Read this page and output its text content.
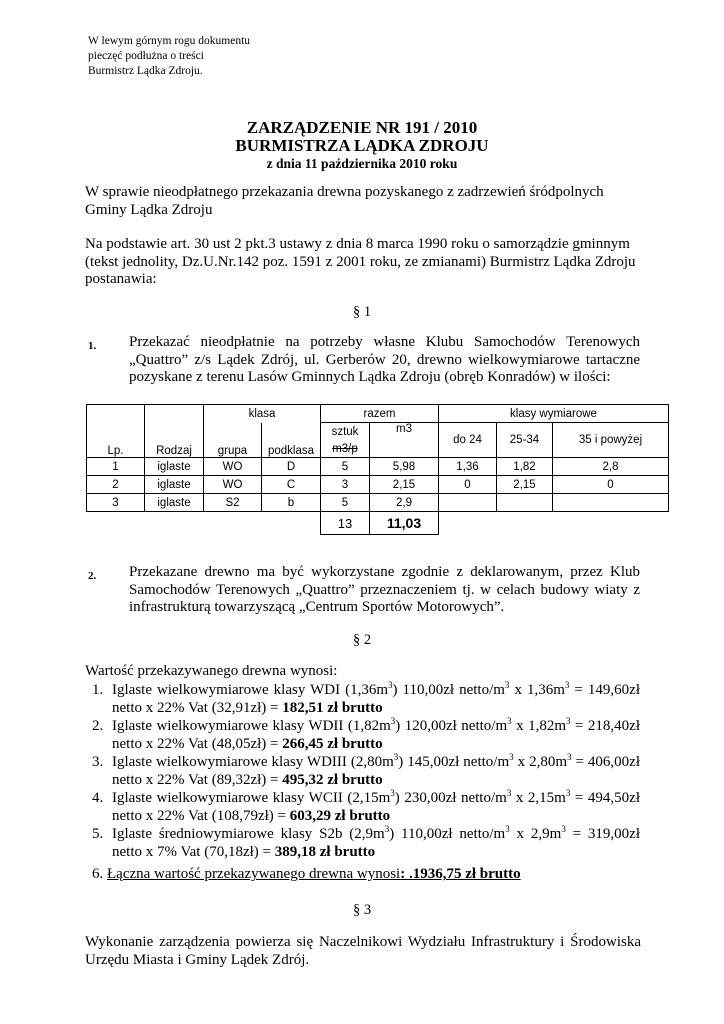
W lewym górnym rogu dokumentu
pieczęć podłużna o treści
Burmistrz Lądka Zdroju.
ZARZĄDZENIE NR 191 / 2010
BURMISTRZA LĄDKA ZDROJU
z dnia 11 października 2010 roku
W sprawie nieodpłatnego przekazania drewna pozyskanego z zadrzewień śródpolnych Gminy Lądka Zdroju
Na podstawie art. 30 ust 2 pkt.3 ustawy z dnia 8 marca 1990 roku o samorządzie gminnym (tekst jednolity, Dz.U.Nr.142 poz. 1591 z 2001 roku, ze zmianami) Burmistrz Lądka Zdroju postanawia:
§ 1
1. Przekazać nieodpłatnie na potrzeby własne Klubu Samochodów Terenowych „Quattro” z/s Lądek Zdrój, ul. Gerberów 20, drewno wielkowymiarowe tartaczne pozyskane z terenu Lasów Gminnych Lądka Zdroju (obręb Konradów) w ilości:
Lp.	Rodzaj	klasa		razem		klasy wymiarowe		
		grupa	podklasa	sztuk	m3	do 24	25-34	35 i powyżej
				m3/p				
1	iglaste	WO	D	5	5,98	1,36	1,82	2,8
2	iglaste	WO	C	3	2,15	0	2,15	0
3	iglaste	S2	b	5	2,9			
				13	11,03			
2. Przekazane drewno ma być wykorzystane zgodnie z deklarowanym, przez Klub Samochodów Terenowych „Quattro” przeznaczeniem tj. w celach budowy wiaty z infrastrukturą towarzyszącą „Centrum Sportów Motorowych”.
§ 2
Wartość przekazywanego drewna wynosi:
1. Iglaste wielkowymiarowe klasy WDI $(1,36m^3)$ 110,00zł netto/$m^3$ x $1,36m^3$ = 149,60zł netto x 22% Vat (32,91zł) = 182,51 zł brutto
2. Iglaste wielkowymiarowe klasy WDII $(1,82m^3)$ 120,00zł netto/$m^3$ x $1,82m^3$ = 218,40zł netto x 22% Vat (48,05zł) = 266,45 zł brutto
3. Iglaste wielkowymiarowe klasy WDIII $(2,80m^3)$ 145,00zł netto/$m^3$ x $2,80m^3$ = 406,00zł netto x 22% Vat (89,32zł) = 495,32 zł brutto
4. Iglaste wielkowymiarowe klasy WCII $(2,15m^3)$ 230,00zł netto/$m^3$ x $2,15m^3$ = 494,50zł netto x 22% Vat (108,79zł) = 603,29 zł brutto
5. Iglaste średniowymiarowe klasy S2b $(2,9m^3)$ 110,00zł netto/$m^3$ x $2,9m^3$ = 319,00zł netto x 7% Vat (70,18zł) = 389,18 zł brutto
6. Łączna wartość przekazywanego drewna wynosi: .1936,75 zł brutto
§ 3
Wykonanie zarządzenia powierza się Naczelnikowi Wydziału Infrastruktury i Środowiska Urzędu Miasta i Gminy Lądek Zdrój.
